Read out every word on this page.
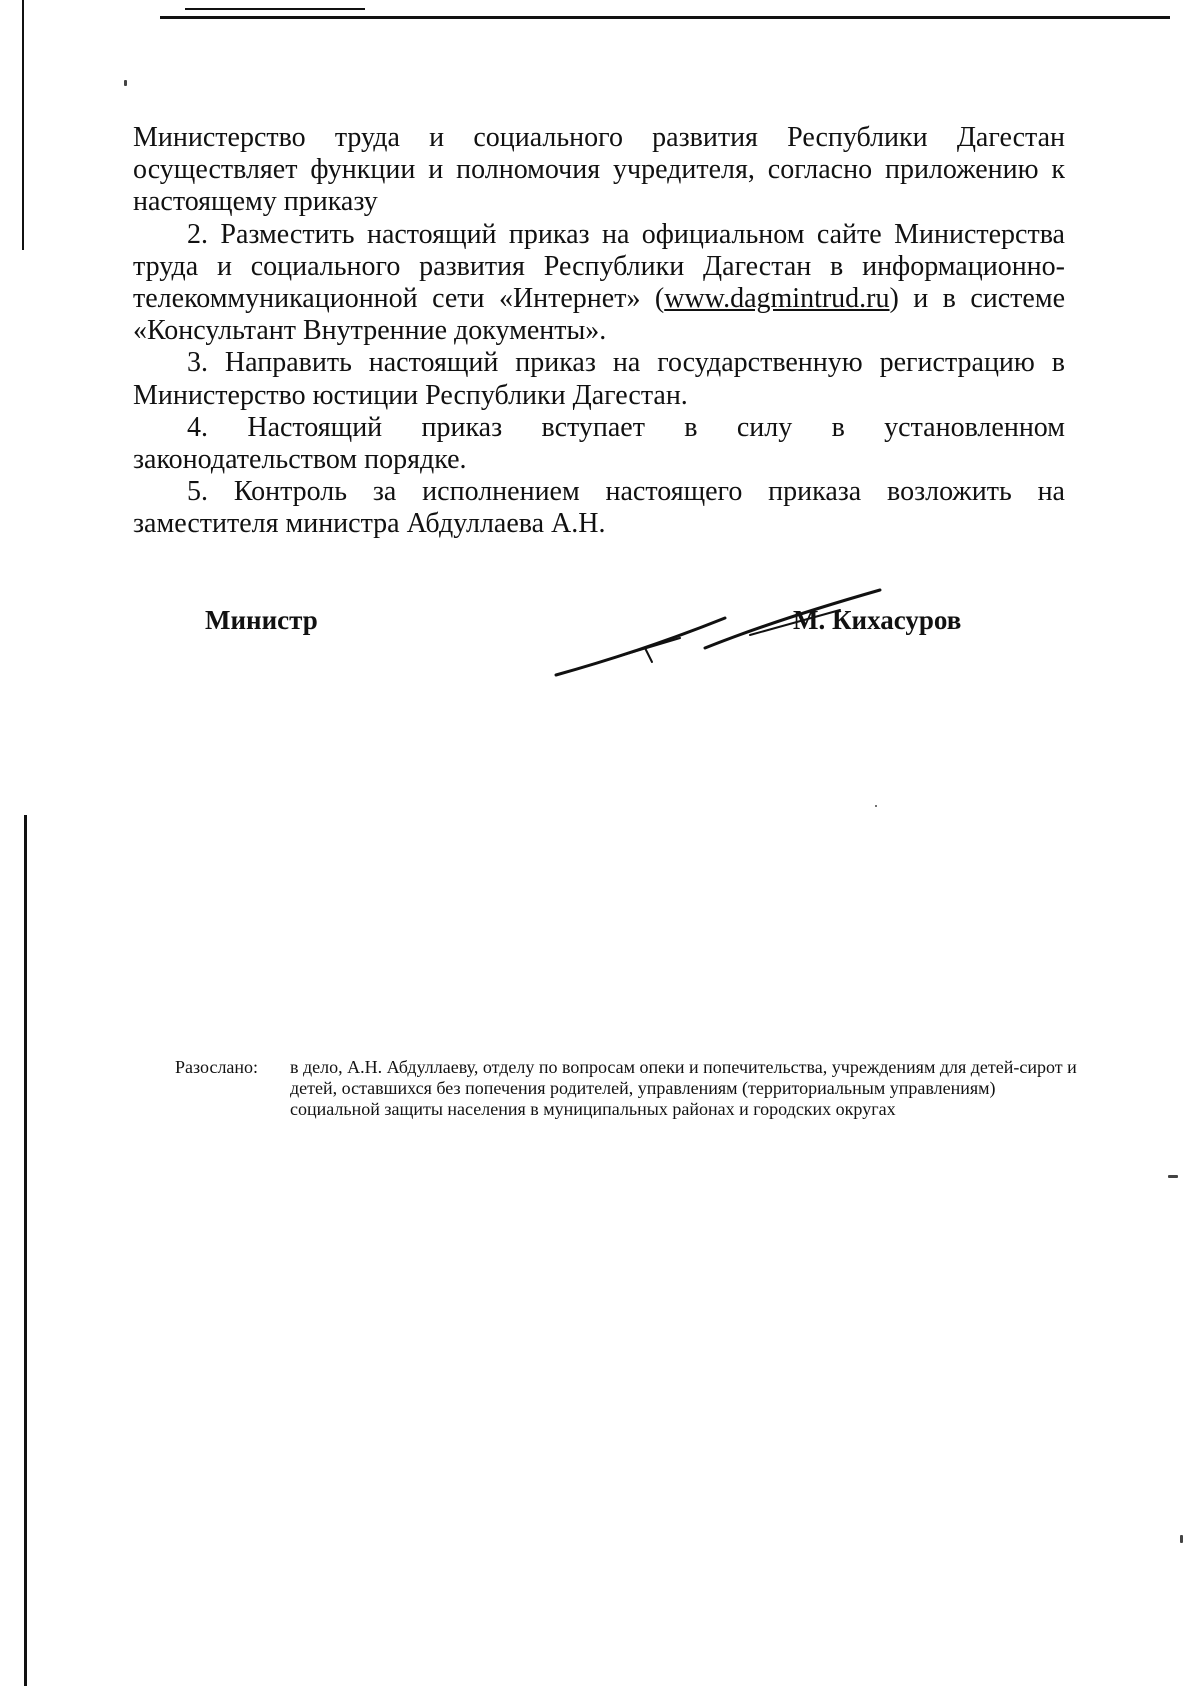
Министерство труда и социального развития Республики Дагестан осуществляет функции и полномочия учредителя, согласно приложению к настоящему приказу

2. Разместить настоящий приказ на официальном сайте Министерства труда и социального развития Республики Дагестан в информационно-телекоммуникационной сети «Интернет» (www.dagmintrud.ru) и в системе «Консультант Внутренние документы».

3. Направить настоящий приказ на государственную регистрацию в Министерство юстиции Республики Дагестан.

4. Настоящий приказ вступает в силу в установленном законодательством порядке.

5. Контроль за исполнением настоящего приказа возложить на заместителя министра Абдуллаева А.Н.

Министр	М. Кихасуров
Разослано:	в дело, А.Н. Абдуллаеву, отделу по вопросам опеки и попечительства, учреждениям для детей-сирот и детей, оставшихся без попечения родителей, управлениям (территориальным управлениям) социальной защиты населения в муниципальных районах и городских округах
